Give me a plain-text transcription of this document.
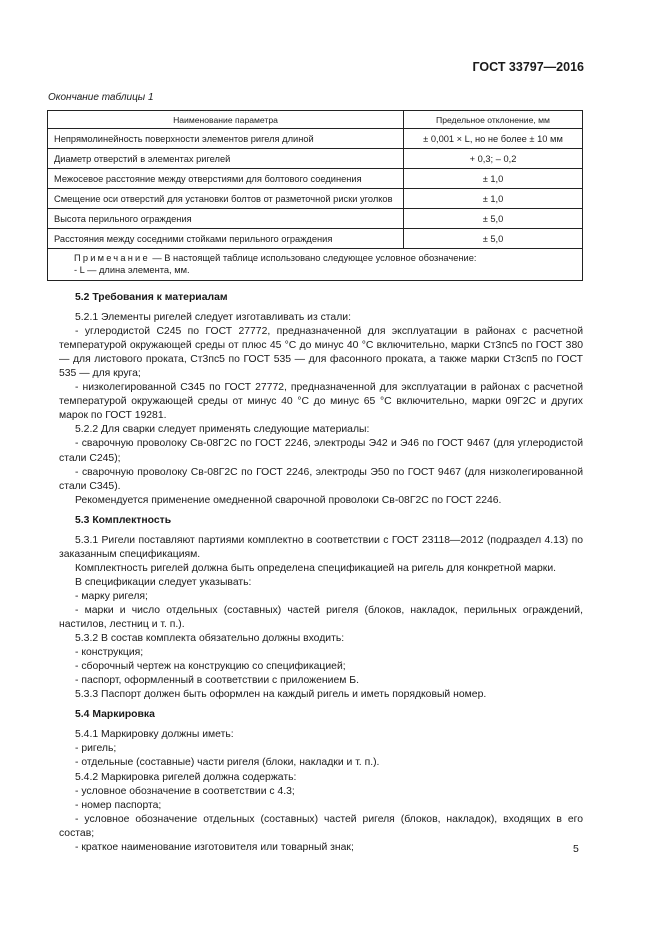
ГОСТ 33797—2016
Окончание таблицы 1
Наименование параметра	Предельное отклонение, мм
Непрямолинейность поверхности элементов ригеля длиной	± 0,001 × L, но не более ± 10 мм
Диаметр отверстий в элементах ригелей	+ 0,3; – 0,2
Межосевое расстояние между отверстиями для болтового соединения	± 1,0
Смещение оси отверстий для установки болтов от разметочной риски уголков	± 1,0
Высота перильного ограждения	± 5,0
Расстояния между соседними стойками перильного ограждения	± 5,0

Примечание — В настоящей таблице использовано следующее условное обозначение:
- L — длина элемента, мм.	

5.2 Требования к материалам

5.2.1 Элементы ригелей следует изготавливать из стали:

- углеродистой С245 по ГОСТ 27772, предназначенной для эксплуатации в районах с расчетной температурой окружающей среды от плюс 45 °С до минус 40 °С включительно, марки Ст3пс5 по ГОСТ 380 — для листового проката, Ст3пс5 по ГОСТ 535 — для фасонного проката, а также марки Ст3сп5 по ГОСТ 535 — для круга;

- низколегированной С345 по ГОСТ 27772, предназначенной для эксплуатации в районах с расчетной температурой окружающей среды от минус 40 °С до минус 65 °С включительно, марки 09Г2С и других марок по ГОСТ 19281.

5.2.2 Для сварки следует применять следующие материалы:

- сварочную проволоку Св-08Г2С по ГОСТ 2246, электроды Э42 и Э46 по ГОСТ 9467 (для углеродистой стали С245);

- сварочную проволоку Св-08Г2С по ГОСТ 2246, электроды Э50 по ГОСТ 9467 (для низколегированной стали С345).

Рекомендуется применение омедненной сварочной проволоки Св-08Г2С по ГОСТ 2246.

5.3 Комплектность

5.3.1 Ригели поставляют партиями комплектно в соответствии с ГОСТ 23118—2012 (подраздел 4.13) по заказанным спецификациям.

Комплектность ригелей должна быть определена спецификацией на ригель для конкретной марки.

В спецификации следует указывать:

- марку ригеля;

- марки и число отдельных (составных) частей ригеля (блоков, накладок, перильных ограждений, настилов, лестниц и т. п.).

5.3.2 В состав комплекта обязательно должны входить:

- конструкция;

- сборочный чертеж на конструкцию со спецификацией;

- паспорт, оформленный в соответствии с приложением Б.

5.3.3 Паспорт должен быть оформлен на каждый ригель и иметь порядковый номер.

5.4 Маркировка

5.4.1 Маркировку должны иметь:

- ригель;

- отдельные (составные) части ригеля (блоки, накладки и т. п.).

5.4.2 Маркировка ригелей должна содержать:

- условное обозначение в соответствии с 4.3;

- номер паспорта;

- условное обозначение отдельных (составных) частей ригеля (блоков, накладок), входящих в его состав;

- краткое наименование изготовителя или товарный знак;	5
